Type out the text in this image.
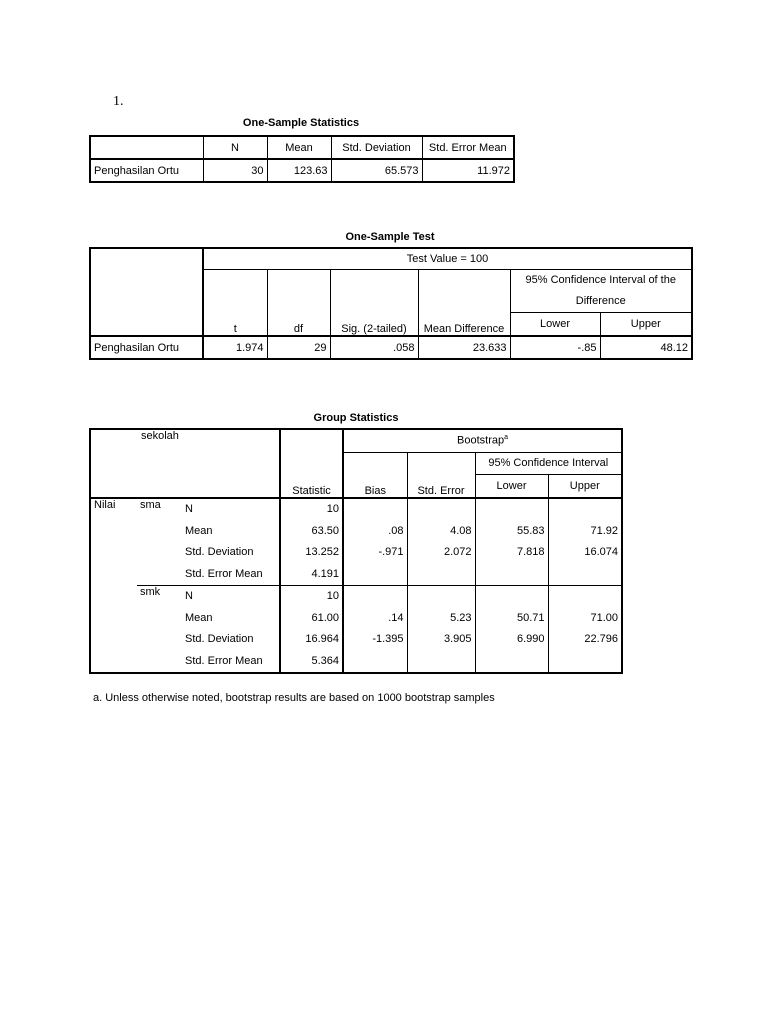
1.
One-Sample Statistics
	N	Mean	Std. Deviation	Std. Error Mean
Penghasilan Ortu	30	123.63	65.573	11.972
One-Sample Test
	Test Value = 100					
	t	df	Sig. (2-tailed)	Mean Difference	95% Confidence Interval of the Difference	
					Lower	Upper
Penghasilan Ortu	1.974	29	.058	23.633	-.85	48.12
Group Statistics
sekolah			Statistic	Bootstrap$^a$
				Bias	Std. Error	95% Confidence Interval	
						Lower	Upper
Nilai	sma	N	10				
		Mean	63.50	.08	4.08	55.83	71.92
		Std. Deviation	13.252	-.971	2.072	7.818	16.074
		Std. Error Mean	4.191				
	smk	N	10				
		Mean	61.00	.14	5.23	50.71	71.00
		Std. Deviation	16.964	-1.395	3.905	6.990	22.796
		Std. Error Mean	5.364				
a. Unless otherwise noted, bootstrap results are based on 1000 bootstrap samples
